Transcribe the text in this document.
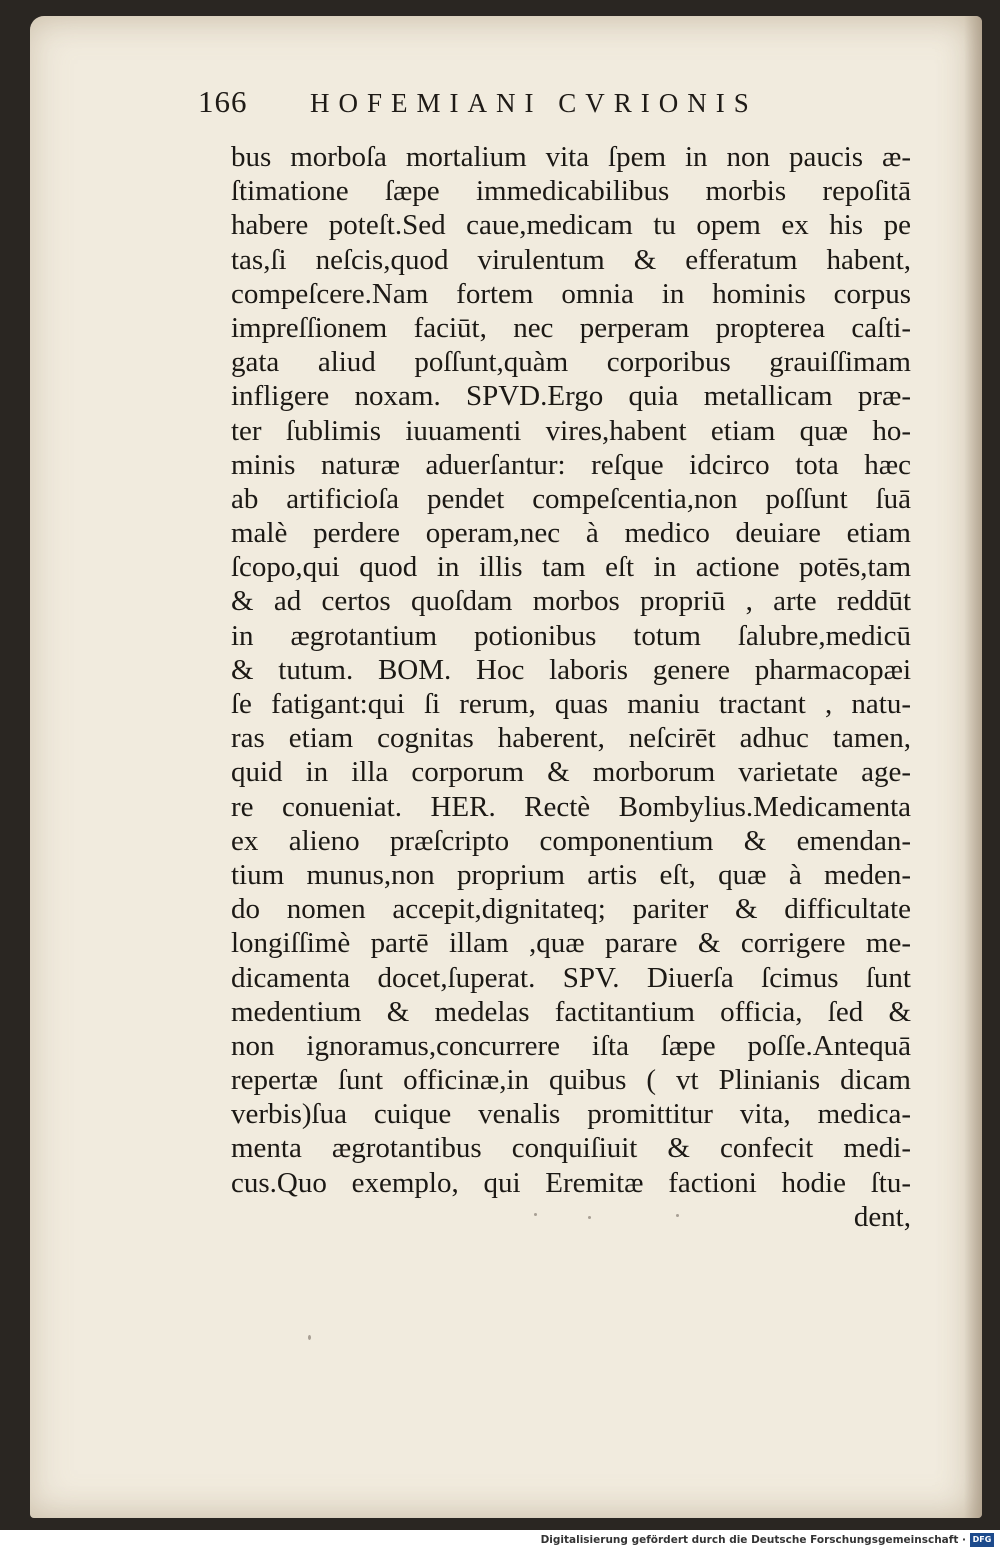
166	HOFEMIANI CVRIONIS
bus morboſa mortalium vita ſpem in non paucis æ-
ſtimatione ſæpe immedicabilibus morbis repoſitā
habere poteſt.Sed caue,medicam tu opem ex his pe
tas,ſi neſcis,quod virulentum & efferatum habent,
compeſcere.Nam fortem omnia in hominis corpus
impreſſionem faciūt, nec perperam propterea caſti-
gata aliud poſſunt,quàm corporibus grauiſſimam
infligere noxam. SPVD.Ergo quia metallicam præ-
ter ſublimis iuuamenti vires,habent etiam quæ ho-
minis naturæ aduerſantur: reſque idcirco tota hæc
ab artificioſa pendet compeſcentia,non poſſunt ſuā
malè perdere operam,nec à medico deuiare etiam
ſcopo,qui quod in illis tam eſt in actione potēs,tam
& ad certos quoſdam morbos propriū , arte reddūt
in ægrotantium potionibus totum ſalubre,medicū
& tutum. BOM. Hoc laboris genere pharmacopæi
ſe fatigant:qui ſi rerum, quas maniu tractant , natu-
ras etiam cognitas haberent, neſcirēt adhuc tamen,
quid in illa corporum & morborum varietate age-
re conueniat. HER. Rectè Bombylius.Medicamenta
ex alieno præſcripto componentium & emendan-
tium munus,non proprium artis eſt, quæ à meden-
do nomen accepit,dignitateq; pariter & difficultate
longiſſimè partē illam ,quæ parare & corrigere me-
dicamenta docet,ſuperat. SPV. Diuerſa ſcimus ſunt
medentium & medelas factitantium officia, ſed &
non ignoramus,concurrere iſta ſæpe poſſe.Antequā
repertæ ſunt officinæ,in quibus ( vt Plinianis dicam
verbis)ſua cuique venalis promittitur vita, medica-
menta ægrotantibus conquiſiuit & confecit medi-
cus.Quo exemplo, qui Eremitæ factioni hodie ſtu-
dent,
Digitalisierung gefördert durch die Deutsche Forschungsgemeinschaft · DFG
